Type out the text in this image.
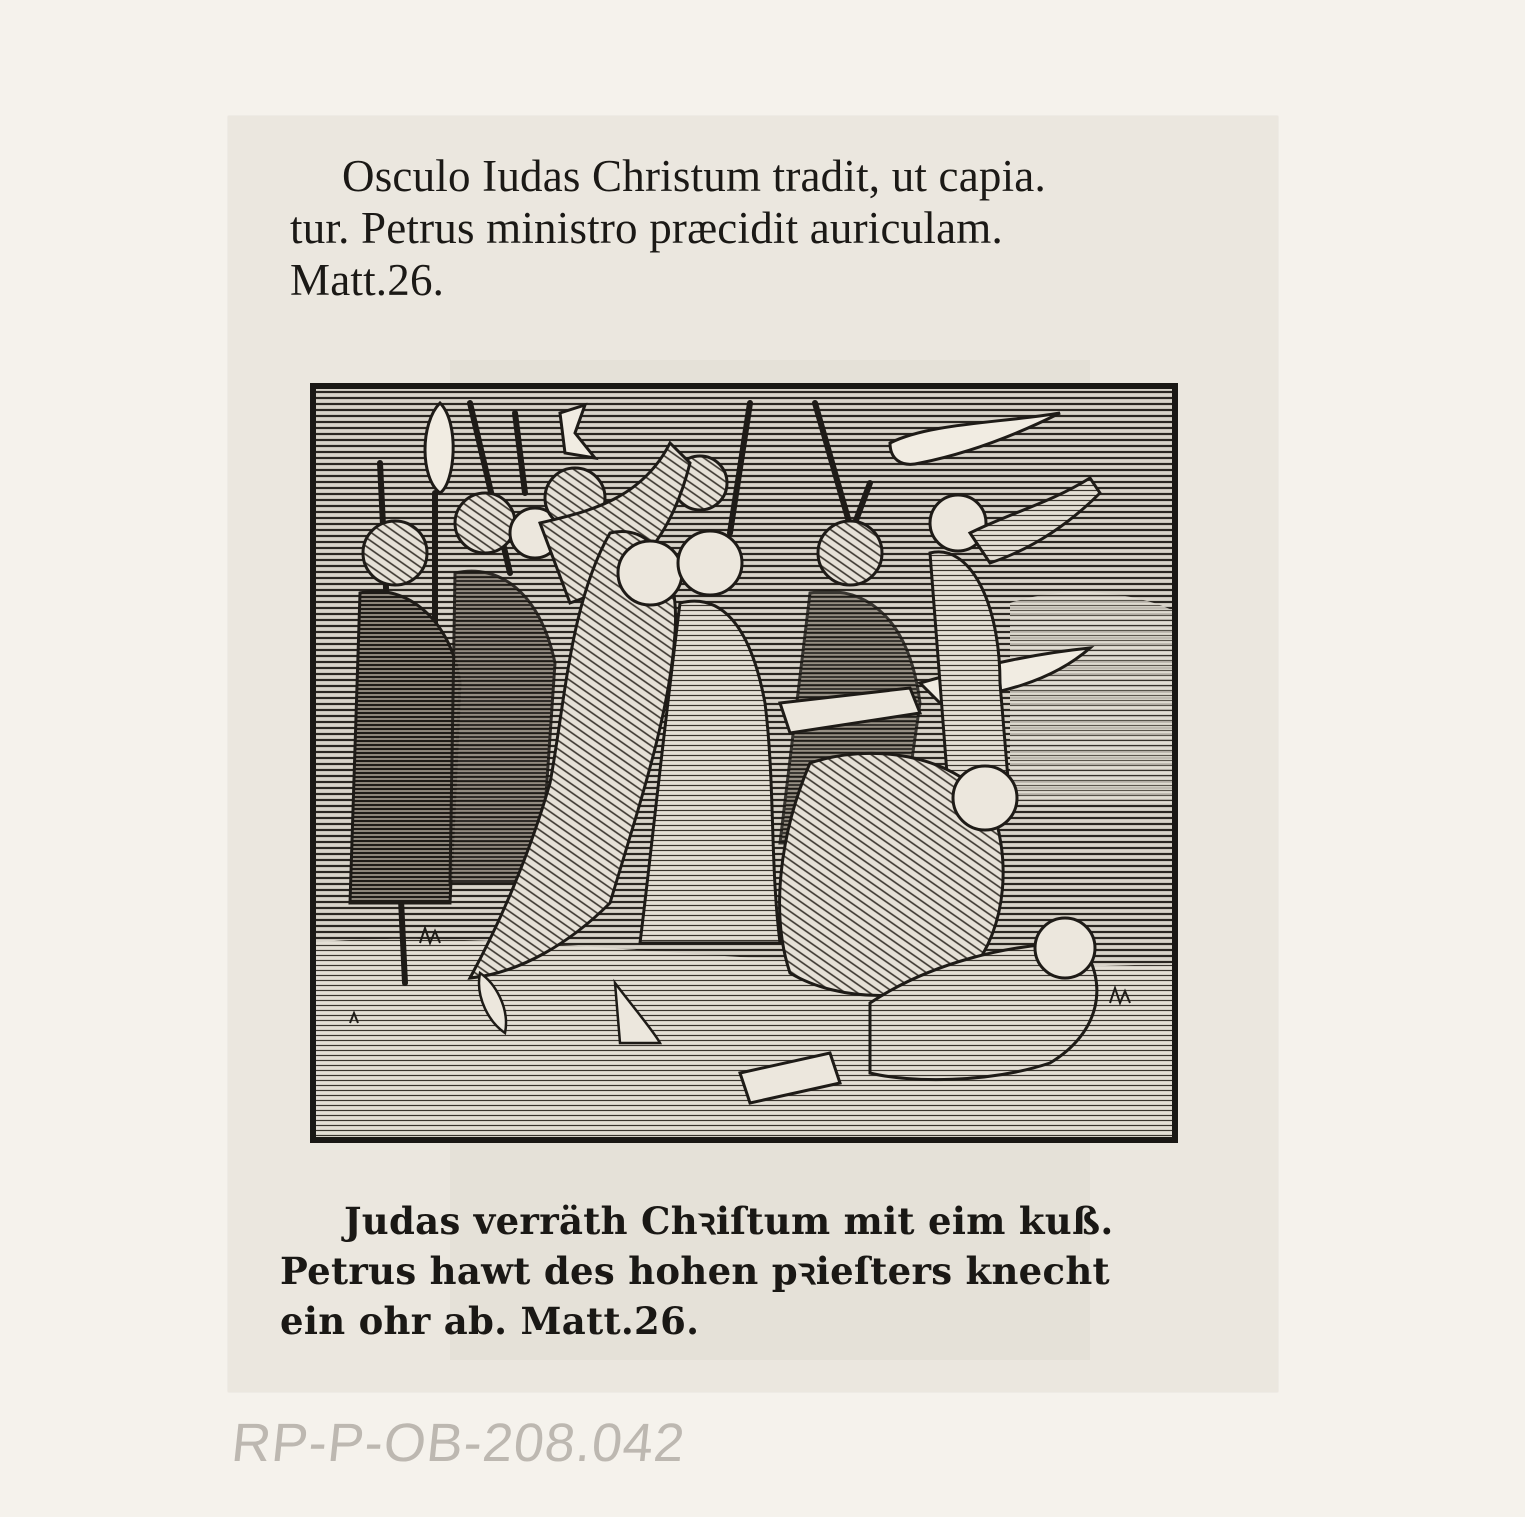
Osculo Iudas Christum tradit, ut capia.
tur. Petrus ministro præcidit auriculam.
Matt.26.
Judas verräth Chꝛiſtum mit eim kuß.
Petrus hawt des hohen pꝛieſters knecht
ein ohr ab. Matt.26.
RP-P-OB-208.042
